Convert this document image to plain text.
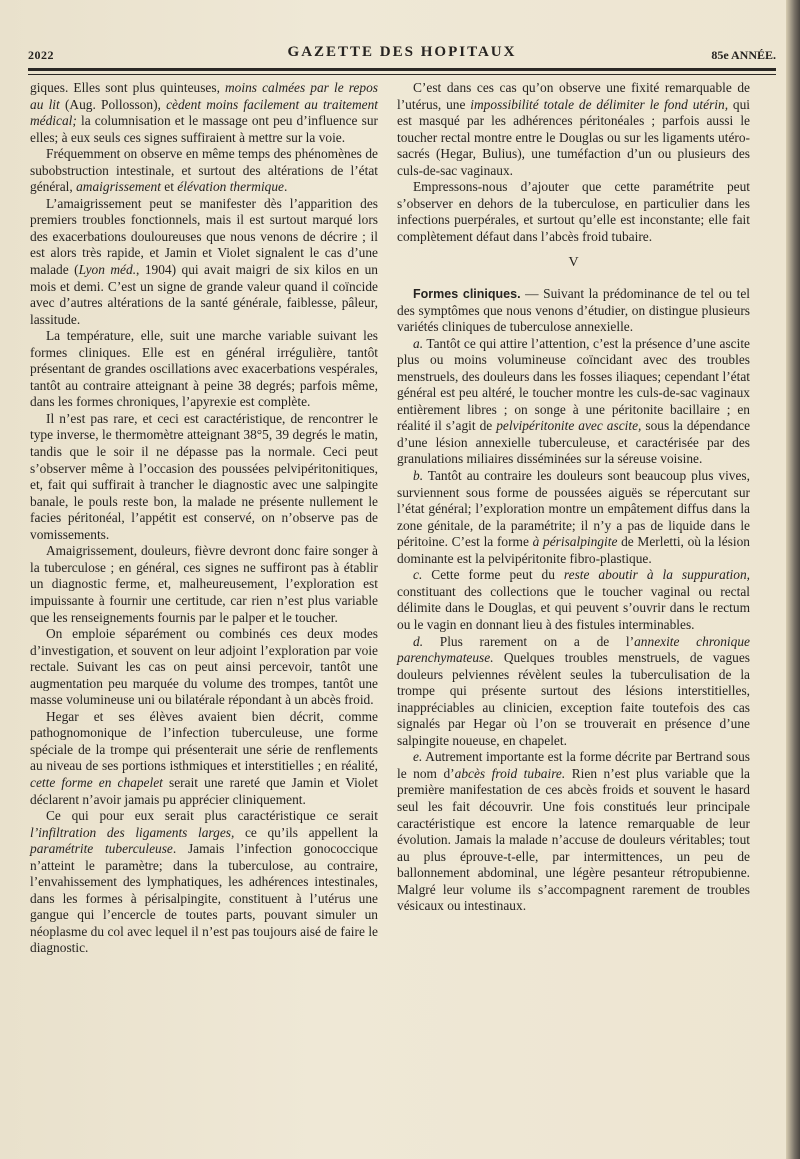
2022	GAZETTE DES HOPITAUX	85e ANNÉE.

giques. Elles sont plus quinteuses, moins calmées par le repos au lit (Aug. Pollosson), cèdent moins facilement au traitement médical; la columnisation et le massage ont peu d’influence sur elles; à eux seuls ces signes suffiraient à mettre sur la voie.

Fréquemment on observe en même temps des phénomènes de subobstruction intestinale, et surtout des altérations de l’état général, amaigrissement et élévation thermique.

L’amaigrissement peut se manifester dès l’apparition des premiers troubles fonctionnels, mais il est surtout marqué lors des exacerbations douloureuses que nous venons de décrire ; il est alors très rapide, et Jamin et Violet signalent le cas d’une malade (Lyon méd., 1904) qui avait maigri de six kilos en un mois et demi. C’est un signe de grande valeur quand il coïncide avec d’autres altérations de la santé générale, faiblesse, pâleur, lassitude.

La température, elle, suit une marche variable suivant les formes cliniques. Elle est en général irrégulière, tantôt présentant de grandes oscillations avec exacerbations vespérales, tantôt au contraire atteignant à peine 38 degrés; parfois même, dans les formes chroniques, l’apyrexie est complète.

Il n’est pas rare, et ceci est caractéristique, de rencontrer le type inverse, le thermomètre atteignant 38°5, 39 degrés le matin, tandis que le soir il ne dépasse pas la normale. Ceci peut s’observer même à l’occasion des poussées pelvipéritonitiques, et, fait qui suffirait à trancher le diagnostic avec une salpingite banale, le pouls reste bon, la malade ne présente nullement le facies péritonéal, l’appétit est conservé, on n’observe pas de vomissements.

Amaigrissement, douleurs, fièvre devront donc faire songer à la tuberculose ; en général, ces signes ne suffiront pas à établir un diagnostic ferme, et, malheureusement, l’exploration est impuissante à fournir une certitude, car rien n’est plus variable que les renseignements fournis par le palper et le toucher.

On emploie séparément ou combinés ces deux modes d’investigation, et souvent on leur adjoint l’exploration par voie rectale. Suivant les cas on peut ainsi percevoir, tantôt une augmentation peu marquée du volume des trompes, tantôt une masse volumineuse uni ou bilatérale répondant à un abcès froid.

Hegar et ses élèves avaient bien décrit, comme pathognomonique de l’infection tuberculeuse, une forme spéciale de la trompe qui présenterait une série de renflements au niveau de ses portions isthmiques et interstitielles ; en réalité, cette forme en chapelet serait une rareté que Jamin et Violet déclarent n’avoir jamais pu apprécier cliniquement.

Ce qui pour eux serait plus caractéristique ce serait l’infiltration des ligaments larges, ce qu’ils appellent la paramétrite tuberculeuse. Jamais l’infection gonococcique n’atteint le paramètre; dans la tuberculose, au contraire, l’envahissement des lymphatiques, les adhérences intestinales, dans les formes à périsalpingite, constituent à l’utérus une gangue qui l’encercle de toutes parts, pouvant simuler un néoplasme du col avec lequel il n’est pas toujours aisé de faire le diagnostic.

C’est dans ces cas qu’on observe une fixité remarquable de l’utérus, une impossibilité totale de délimiter le fond utérin, qui est masqué par les adhérences péritonéales ; parfois aussi le toucher rectal montre entre le Douglas ou sur les ligaments utéro-sacrés (Hegar, Bulius), une tuméfaction d’un ou plusieurs des culs-de-sac vaginaux.

Empressons-nous d’ajouter que cette paramétrite peut s’observer en dehors de la tuberculose, en particulier dans les infections puerpérales, et surtout qu’elle est inconstante; elle fait complètement défaut dans l’abcès froid tubaire.

V

Formes cliniques. — Suivant la prédominance de tel ou tel des symptômes que nous venons d’étudier, on distingue plusieurs variétés cliniques de tuberculose annexielle.

a. Tantôt ce qui attire l’attention, c’est la présence d’une ascite plus ou moins volumineuse coïncidant avec des troubles menstruels, des douleurs dans les fosses iliaques; cependant l’état général est peu altéré, le toucher montre les culs-de-sac vaginaux entièrement libres ; on songe à une péritonite bacillaire ; en réalité il s’agit de pelvipéritonite avec ascite, sous la dépendance d’une lésion annexielle tuberculeuse, et caractérisée par des granulations miliaires disséminées sur la séreuse voisine.

b. Tantôt au contraire les douleurs sont beaucoup plus vives, surviennent sous forme de poussées aiguës se répercutant sur l’état général; l’exploration montre un empâtement diffus dans la zone génitale, de la paramétrite; il n’y a pas de liquide dans le péritoine. C’est la forme à périsalpingite de Merletti, où la lésion dominante est la pelvipéritonite fibro-plastique.

c. Cette forme peut du reste aboutir à la suppuration, constituant des collections que le toucher vaginal ou rectal délimite dans le Douglas, et qui peuvent s’ouvrir dans le rectum ou le vagin en donnant lieu à des fistules interminables.

d. Plus rarement on a de l’annexite chronique parenchymateuse. Quelques troubles menstruels, de vagues douleurs pelviennes révèlent seules la tuberculisation de la trompe qui présente surtout des lésions interstitielles, inappréciables au clinicien, exception faite toutefois des cas signalés par Hegar où l’on se trouverait en présence d’une salpingite noueuse, en chapelet.

e. Autrement importante est la forme décrite par Bertrand sous le nom d’abcès froid tubaire. Rien n’est plus variable que la première manifestation de ces abcès froids et souvent le hasard seul les fait découvrir. Une fois constitués leur principale caractéristique est encore la latence remarquable de leur évolution. Jamais la malade n’accuse de douleurs véritables; tout au plus éprouve-t-elle, par intermittences, un peu de ballonnement abdominal, une légère pesanteur rétropubienne. Malgré leur volume ils s’accompagnent rarement de troubles vésicaux ou intestinaux.
